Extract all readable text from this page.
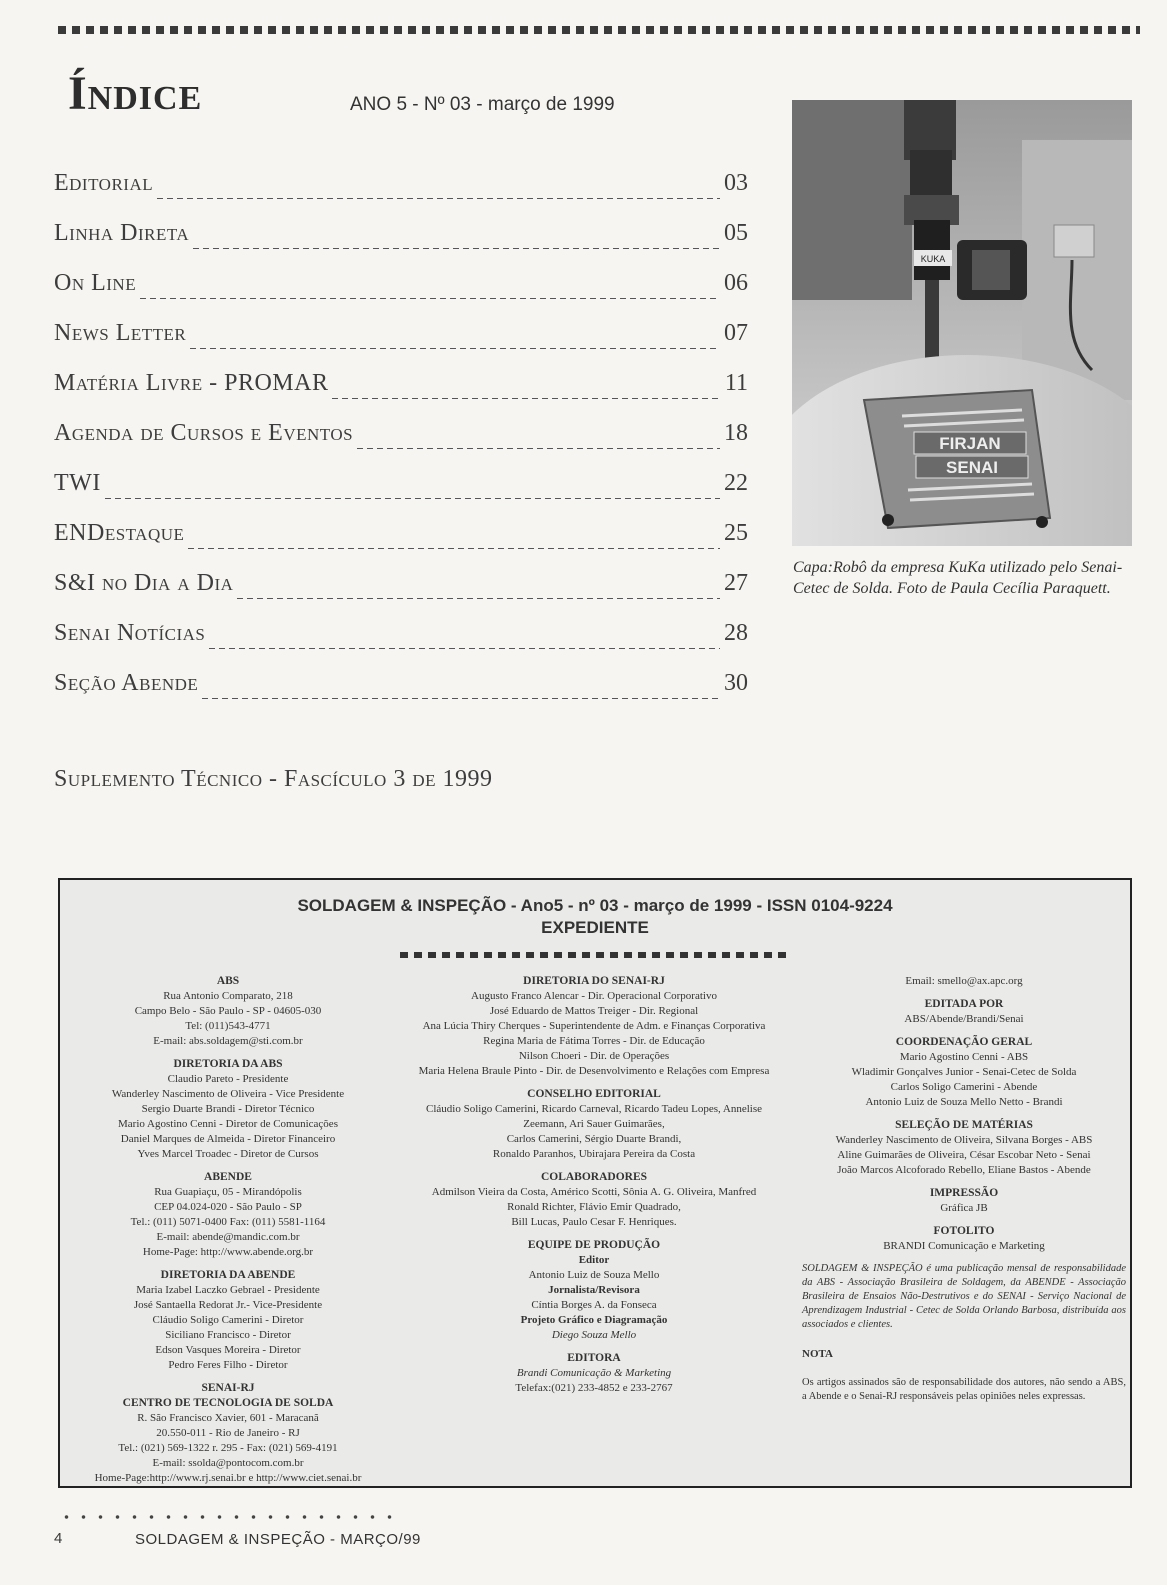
Índice	ANO 5 - Nº 03 - março de 1999
Editorial	03
Linha Direta	05
On Line	06
News Letter	07
Matéria Livre - PROMAR	11
Agenda de Cursos e Eventos	18
TWI	22
ENDestaque	25
S&I no Dia a Dia	27
Senai Notícias	28
Seção Abende	30
Suplemento Técnico - Fascículo 3 de 1999
KUKA
FIRJAN
SENAI
Capa:Robô da empresa KuKa utilizado pelo Senai-Cetec de Solda. Foto de Paula Cecília Paraquett.
SOLDAGEM & INSPEÇÃO - Ano5 - nº 03 - março de 1999 - ISSN 0104-9224
EXPEDIENTE
ABS
Rua Antonio Comparato, 218
Campo Belo - São Paulo - SP - 04605-030
Tel: (011)543-4771
E-mail: abs.soldagem@sti.com.br
DIRETORIA DA ABS
Claudio Pareto - Presidente
Wanderley Nascimento de Oliveira - Vice Presidente
Sergio Duarte Brandi - Diretor Técnico
Mario Agostino Cenni - Diretor de Comunicações
Daniel Marques de Almeida - Diretor Financeiro
Yves Marcel Troadec - Diretor de Cursos
ABENDE
Rua Guapiaçu, 05 - Mirandópolis
CEP 04.024-020 - São Paulo - SP
Tel.: (011) 5071-0400 Fax: (011) 5581-1164
E-mail: abende@mandic.com.br
Home-Page: http://www.abende.org.br
DIRETORIA DA ABENDE
Maria Izabel Laczko Gebrael - Presidente
José Santaella Redorat Jr.- Vice-Presidente
Cláudio Soligo Camerini - Diretor
Siciliano Francisco - Diretor
Edson Vasques Moreira - Diretor
Pedro Feres Filho - Diretor
SENAI-RJ
CENTRO DE TECNOLOGIA DE SOLDA
R. São Francisco Xavier, 601 - Maracanã
20.550-011 - Rio de Janeiro - RJ
Tel.: (021) 569-1322 r. 295 - Fax: (021) 569-4191
E-mail: ssolda@pontocom.com.br
Home-Page:http://www.rj.senai.br e http://www.ciet.senai.br
DIRETORIA DO SENAI-RJ
Augusto Franco Alencar - Dir. Operacional Corporativo
José Eduardo de Mattos Treiger - Dir. Regional
Ana Lúcia Thiry Cherques - Superintendente de Adm. e Finanças Corporativa
Regina Maria de Fátima Torres - Dir. de Educação
Nilson Choeri - Dir. de Operações
Maria Helena Braule Pinto - Dir. de Desenvolvimento e Relações com Empresa
CONSELHO EDITORIAL
Cláudio Soligo Camerini, Ricardo Carneval, Ricardo Tadeu Lopes, Annelise Zeemann, Ari Sauer Guimarães,
Carlos Camerini, Sérgio Duarte Brandi,
Ronaldo Paranhos, Ubirajara Pereira da Costa
COLABORADORES
Admilson Vieira da Costa, Américo Scotti, Sônia A. G. Oliveira, Manfred Ronald Richter, Flávio Emir Quadrado,
Bill Lucas, Paulo Cesar F. Henriques.
EQUIPE DE PRODUÇÃO
Editor
Antonio Luiz de Souza Mello
Jornalista/Revisora
Cíntia Borges A. da Fonseca
Projeto Gráfico e Diagramação
Diego Souza Mello
EDITORA
Brandi Comunicação & Marketing
Telefax:(021) 233-4852 e 233-2767
Email: smello@ax.apc.org
EDITADA POR
ABS/Abende/Brandi/Senai
COORDENAÇÃO GERAL
Mario Agostino Cenni - ABS
Wladimir Gonçalves Junior - Senai-Cetec de Solda
Carlos Soligo Camerini - Abende
Antonio Luiz de Souza Mello Netto - Brandi
SELEÇÃO DE MATÉRIAS
Wanderley Nascimento de Oliveira, Silvana Borges - ABS
Aline Guimarães de Oliveira, César Escobar Neto - Senai
João Marcos Alcoforado Rebello, Eliane Bastos - Abende
IMPRESSÃO
Gráfica JB
FOTOLITO
BRANDI Comunicação e Marketing

SOLDAGEM & INSPEÇÃO é uma publicação mensal de responsabilidade da ABS - Associação Brasileira de Soldagem, da ABENDE - Associação Brasileira de Ensaios Não-Destrutivos e do SENAI - Serviço Nacional de Aprendizagem Industrial - Cetec de Solda Orlando Barbosa, distribuída aos associados e clientes.

NOTA

Os artigos assinados são de responsabilidade dos autores, não sendo a ABS, a Abende e o Senai-RJ responsáveis pelas opiniões neles expressas.

4	SOLDAGEM & INSPEÇÃO - MARÇO/99
